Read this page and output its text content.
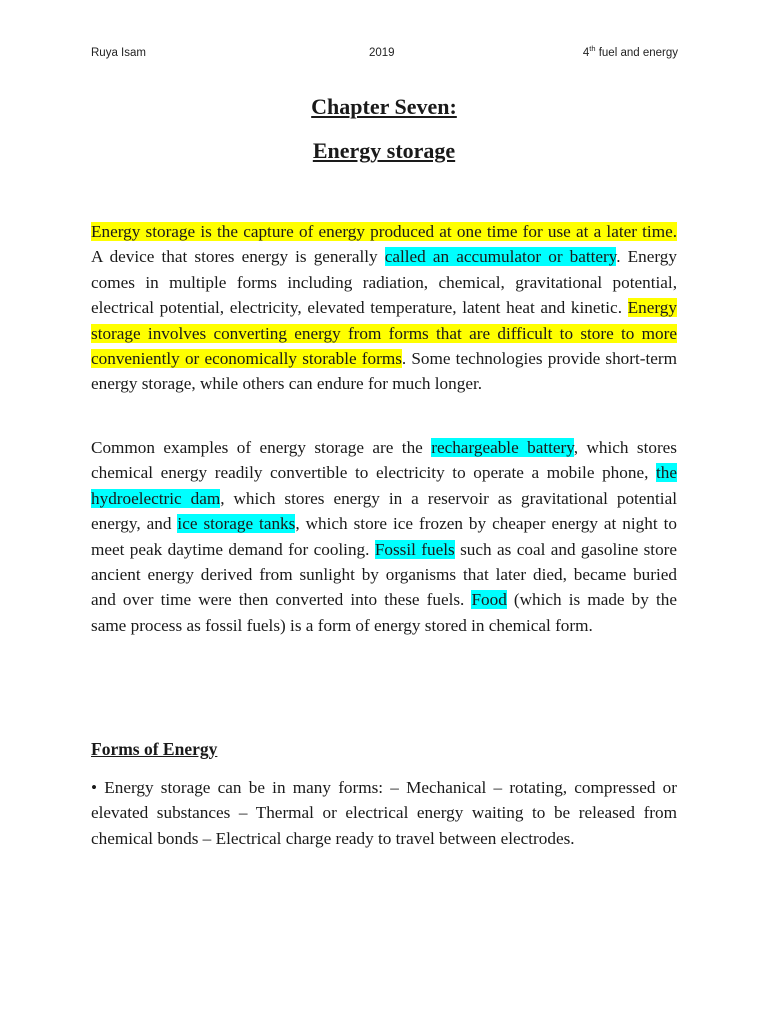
Ruya Isam	2019	4th fuel and energy
Chapter Seven:
Energy storage

Energy storage is the capture of energy produced at one time for use at a later time. A device that stores energy is generally called an accumulator or battery. Energy comes in multiple forms including radiation, chemical, gravitational potential, electrical potential, electricity, elevated temperature, latent heat and kinetic. Energy storage involves converting energy from forms that are difficult to store to more conveniently or economically storable forms. Some technologies provide short-term energy storage, while others can endure for much longer.

Common examples of energy storage are the rechargeable battery, which stores chemical energy readily convertible to electricity to operate a mobile phone, the hydroelectric dam, which stores energy in a reservoir as gravitational potential energy, and ice storage tanks, which store ice frozen by cheaper energy at night to meet peak daytime demand for cooling. Fossil fuels such as coal and gasoline store ancient energy derived from sunlight by organisms that later died, became buried and over time were then converted into these fuels. Food (which is made by the same process as fossil fuels) is a form of energy stored in chemical form.

Forms of Energy

• Energy storage can be in many forms: – Mechanical – rotating, compressed or elevated substances – Thermal or electrical energy waiting to be released from chemical bonds – Electrical charge ready to travel between electrodes.
